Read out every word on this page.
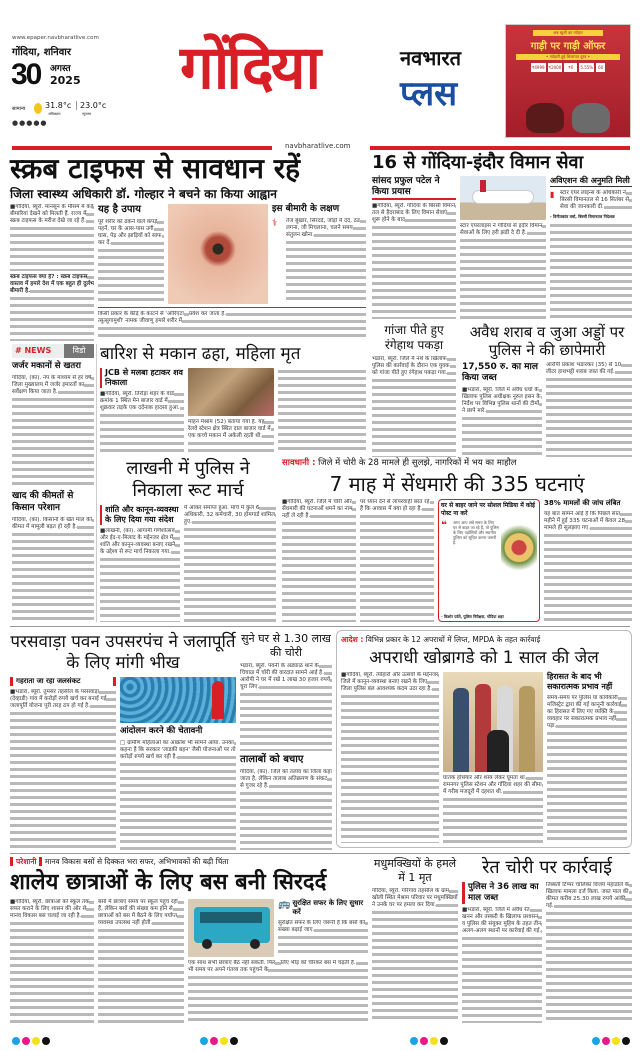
www.epaper.navbharatlive.com
गोंदिया, शनिवार
30 अगस्त
2025
सामान्य 31.8°c
अधिकतम
23.0°c
न्यूनतम
●●●●●
गोंदिया	नवभारत
प्लस
अब खुशी का त्योहार
गाड़ी पर गाड़ी ऑफर
• त्योहारी हुई शिकायत दूरत •
₹4999 ₹2000	₹0	5.55%	60
navbharatlive.com
स्क्रब टाइफस से सावधान रहें
जिला स्वास्थ्य अधिकारी डॉ. गोल्हार ने बचने का किया आह्वान
■गोंदिया, ब्यूरो. मानसून के मौसम में कई बीमारियां देखने को मिलती हैं. राज्य में स्क्रब टाइफस के मरीज देखे जा रहे हैं.
स्क्रब टाइफस क्या है? : स्क्रब टाइफस वास्तव में हमारे देश में एक बहुत ही दुर्लभ बीमारी है.
यह है उपाय
पूरे शरीर को ढकने वाले कपड़े पहनें, घर के आस-पास उगी घास, पेड़ और झाड़ियों को साफ कर दें.
इस बीमारी के लक्षण
⚕	तेज बुखार, सिरदर्द, जोड़ों में दर्द, ठंड लगना, जी मिचलाना, चलने समय संतुलन खोना.
किसी प्रकार के कीड़े के काटने से 'ओरिएंटा त्सुत्सुगामुशी' नामक जीवाणु हमारे शरीर में प्रवेश कर जाता है.
16 से गोंदिया-इंदौर विमान सेवा
सांसद प्रफुल पटेल ने किया प्रयास
■गोंदिया, ब्यूरो. गोंदिया के बिरसी विमान तल से हैदराबाद के लिए विमान सेवाएं शुरू होने के बाद
स्टार एयरलाइंस ने गोंदिया से इंदौर विमान सेवाओं के लिए हरी झंडी दे दी है.
अविएशन की अनुमति मिली
▮ स्टार एयर लाइन्स के अधिकारी ने बिरसी विमानतल से 16 सितंबर से सेवा की जानकारी दी.
- विनीतकांत वर्मा, बिरसी विमानतल निदेशक
गांजा पीते हुए रंगेहाथ पकड़ा
भंडारा, ब्यूरो. जिले में नशे के खिलाफ पुलिस की कार्रवाई के दौरान एक युवक को गांजा पीते हुए रंगेहाथ पकड़ा गया.
अवैध शराब व जुआ अड्डों पर पुलिस ने की छापेमारी
17,550 रु. का माल किया जब्त
■भंडारा, ब्यूरो. जिले में अवैध धंधों के खिलाफ पुलिस अधीक्षक नूरुल हसन के निर्देश पर विभिन्न पुलिस थानों की टीमों ने छापे मारे.
आरोपी प्रकाश भंडारकर (35) से 10 लीटर हाथभट्टी शराब जब्त की गई.
# NEWS	विडो
जर्जर मकानों से खतरा
गोंदिया, (का). नप के माध्यम से हर वर्ष जिला मुख्यालय में जर्जर इमारतों का सर्वेक्षण किया जाता है.
खाद की कीमतों से किसान परेशान
गोंदिया, (का). किसानों के खेत माल की कीमत में मामूली बढ़त हो रही है.
बारिश से मकान ढहा, महिला मृत
JCB से मलबा हटाकर शव निकाला
■गोंदिया, ब्यूरो. तिरोड़ा शहर के वार्ड क्रमांक 1 स्थित मेन बाजार वार्ड में शुक्रवार तड़के एक दर्दनाक हादसा हुआ.
मोहन मेश्राम (52) बताया गया है. यह रेलवे स्टेशन क्षेत्र स्थित दाल बाजार वार्ड में एक कच्चे मकान में अकेली रहती थी.
लाखनी में पुलिस ने निकाला रूट मार्च
शांति और कानून-व्यवस्था के लिए दिया गया संदेश
■लाखनी, (का). आगामी गणेशोत्सव और ईद-ए-मिलाद के मद्देनजर क्षेत्र में शांति और कानून-व्यवस्था बनाए रखने के उद्देश्य से रूट मार्च निकाला गया.
में आकर समाप्त हुआ. मार्च में कुल 6 अधिकारी, 32 कर्मचारी, 30 होमगार्ड शामिल हुए.
सावधानी : जिले में चोरी के 28 मामले ही सुलझे, नागरिकों में भय का माहौल
7 माह में सेंधमारी की 335 घटनाएं
■गोंदिया, ब्यूरो. जिले में चोरी और सेंधमारी की घटनाओं थमने का नाम नहीं ले रही है.
पर ध्यान देने से लापरवाही बरत रहे हैं कि आवास में क्या हो रहा है.	घर से बाहर जाने पर सोशल मिडिया में कोई पोस्ट ना करें
❝	अगर आप लंबे समय के लिए घर से बाहर जा रहे हैं, तो पुलिस के लिए पड़ोसियों और स्थानीय पुलिस को सूचित करना जरूरी है.
- किशोर पर्वते, पुलिस निरीक्षक, गोंदिया शहर
38% मामलों की जांच लंबित
यह बात सामने आई है कि पिछले सात महीने में हुई 335 घटनाओं में केवल 28 मामले ही सुलझाए गए.
परसवाड़ा पवन उपसरपंच ने जलापूर्ति के लिए मांगी भीख
गहराता जा रहा जलसंकट
■भंडारा, ब्यूरो. तुमसर तहसील के परसवाड़ा (देव्हाडी) गांव में करोड़ों रुपये खर्च कर बनाई गई जलापूर्ति योजना पूरी तरह ठप हो गई है.
आंदोलन करने की चेतावनी
□ ग्रामीण महिलाओं का आक्रोश भी सामने आया. उनका कहना है कि सरकार 'लाडकी बहन' जैसी योजनाओं पर तो करोड़ों रुपये खर्च कर रही है.
सुने घर से 1.30 लाख की चोरी
भंडारा, ब्यूरो. पवनी के अड्याळ थाने के चिचाळ में चोरी की वारदात सामने आई है. आरोपी ने घर में रखे 1 लाख 30 हजार रुपये चुरा लिए.
तालाबों को बचाए
गोंदिया, (का). जिले को तलाव का जिला कहा जाता है, लेकिन तालाब अतिक्रमण के संकट से गुजर रहे हैं.
आदेश : विभिन्न प्रकार के 12 अपराधों में लिप्त, MPDA के तहत कार्रवाई
अपराधी खोब्रागडे को 1 साल की जेल
■गोंदिया, ब्यूरो. त्योहारों और उत्सवों के मद्देनजर जिले में कानून-व्यवस्था बनाए रखने के लिए जिला पुलिस बल आवश्यक कदम उठा रहा है.
घातक हथियार और शस्त्र लेकर घूमता था. रामनगर पुलिस स्टेशन और गोंदिया शहर की सीमा में गरीब मजदूरों में दहशत थी.
हिरासत के बाद भी सकारात्मक प्रभाव नहीं
समय-समय पर पुलिस या कार्यकारी मजिस्ट्रेट द्वारा की गई कानूनी कार्रवाई का हिरासत में लिए गए व्यक्ति के व्यवहार पर सकारात्मक प्रभाव नहीं पड़ा.
परेशानी मानव विकास बसों से दिक्कत भरा सफर, अभिभावकों की बढ़ी चिंता
शालेय छात्राओं के लिए बस बनी सिरदर्द
■गोंदिया, ब्यूरो. छात्राओं को स्कूल तक सफर कराने के लिए शासन की ओर से मानव विकास बस चलाई जा रही है.
बसों में छात्राएं समय पर स्कूल पहुंच रही हैं, लेकिन बसों की संख्या कम होने से छात्राओं को बस में बैठने के लिए पर्याप्त व्यवस्था उपलब्ध नहीं होती.
🚌 सुरक्षित सफर के लिए सुधार करें
सुरक्षित सफर के लिए जरूरी है कि बसों की संख्या बढ़ाई जाए.
एक साथ सभी छात्राएं बैठ नहीं सकती. फिर भी समय पर अपने गंतव्य तक पहुंचने के लिए भीड़ को चीरकर बस में चढ़ती हैं.
मधुमक्खियों के हमले में 1 मृत
गोंदिया, ब्यूरो. गोरेगांव तहसील के ग्राम खोली स्थित मेश्राम परिवार पर मधुमक्खियों ने उनके घर पर हमला कर दिया.
रेत चोरी पर कार्रवाई
पुलिस ने 36 लाख का माल जब्त
■भंडारा, ब्यूरो. जिले में अवैध रेत खनन और तस्करी के खिलाफ प्रशासन व पुलिस की संयुक्त मुहिम के तहत तीन अलग-अलग स्थानों पर कार्रवाई की गई.
तिब्बती टिप्पर चालिका विजय महाडोले के खिलाफ मामला दर्ज किया. जब्त माल की कीमत करीब 25.30 लाख रुपये आंकी गई.
